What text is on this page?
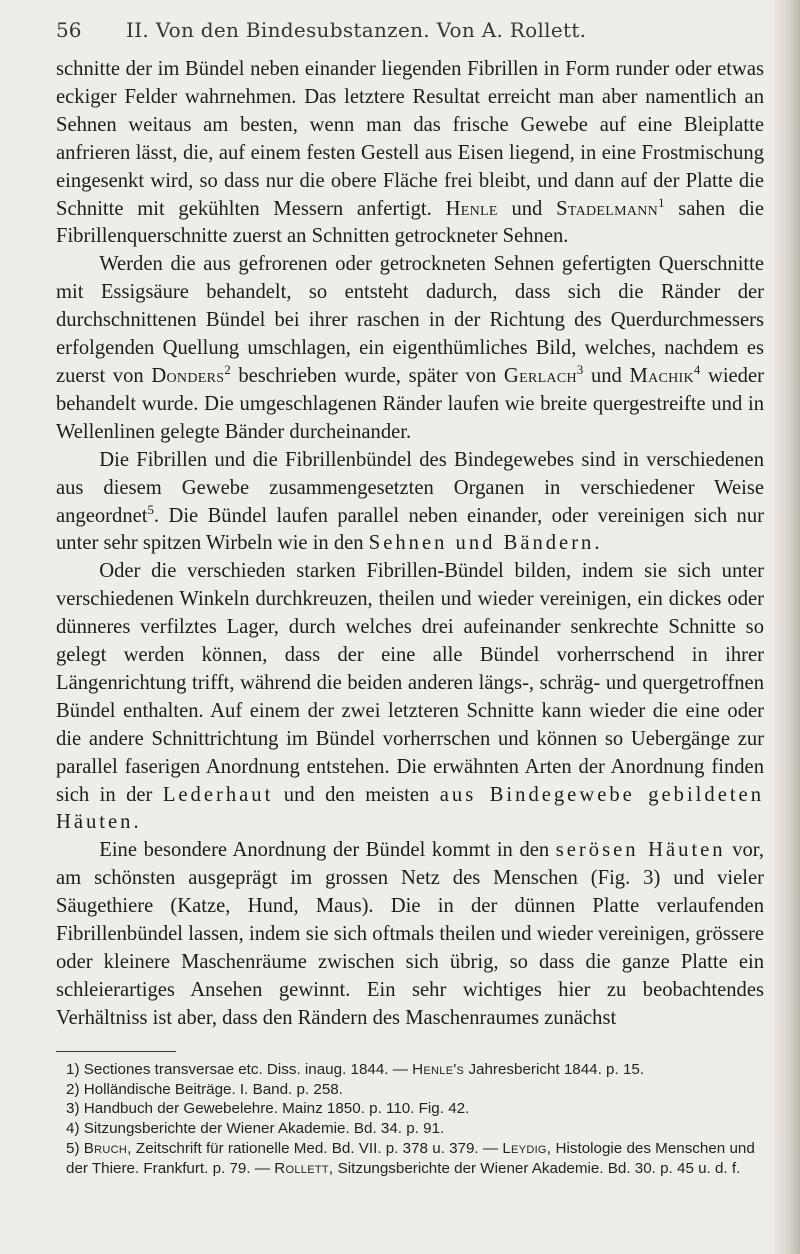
56	II. Von den Bindesubstanzen. Von A. Rollett.

schnitte der im Bündel neben einander liegenden Fibrillen in Form runder oder etwas eckiger Felder wahrnehmen. Das letztere Resultat erreicht man aber namentlich an Sehnen weitaus am besten, wenn man das frische Gewebe auf eine Bleiplatte anfrieren lässt, die, auf einem festen Gestell aus Eisen liegend, in eine Frostmischung eingesenkt wird, so dass nur die obere Fläche frei bleibt, und dann auf der Platte die Schnitte mit gekühlten Messern anfertigt. Henle und Stadelmann$^1$ sahen die Fibrillenquerschnitte zuerst an Schnitten getrockneter Sehnen.

Werden die aus gefrorenen oder getrockneten Sehnen gefertigten Querschnitte mit Essigsäure behandelt, so entsteht dadurch, dass sich die Ränder der durchschnittenen Bündel bei ihrer raschen in der Richtung des Querdurchmessers erfolgenden Quellung umschlagen, ein eigenthümliches Bild, welches, nachdem es zuerst von Donders$^2$ beschrieben wurde, später von Gerlach$^3$ und Machik$^4$ wieder behandelt wurde. Die umgeschlagenen Ränder laufen wie breite quergestreifte und in Wellenlinen gelegte Bänder durcheinander.

Die Fibrillen und die Fibrillenbündel des Bindegewebes sind in verschiedenen aus diesem Gewebe zusammengesetzten Organen in verschiedener Weise angeordnet$^5$. Die Bündel laufen parallel neben einander, oder vereinigen sich nur unter sehr spitzen Wirbeln wie in den Sehnen und Bändern.

Oder die verschieden starken Fibrillen-Bündel bilden, indem sie sich unter verschiedenen Winkeln durchkreuzen, theilen und wieder vereinigen, ein dickes oder dünneres verfilztes Lager, durch welches drei aufeinander senkrechte Schnitte so gelegt werden können, dass der eine alle Bündel vorherrschend in ihrer Längenrichtung trifft, während die beiden anderen längs-, schräg- und quergetroffnen Bündel enthalten. Auf einem der zwei letzteren Schnitte kann wieder die eine oder die andere Schnittrichtung im Bündel vorherrschen und können so Uebergänge zur parallel faserigen Anordnung entstehen. Die erwähnten Arten der Anordnung finden sich in der Lederhaut und den meisten aus Bindegewebe gebildeten Häuten.

Eine besondere Anordnung der Bündel kommt in den serösen Häuten vor, am schönsten ausgeprägt im grossen Netz des Menschen (Fig. 3) und vieler Säugethiere (Katze, Hund, Maus). Die in der dünnen Platte verlaufenden Fibrillenbündel lassen, indem sie sich oftmals theilen und wieder vereinigen, grössere oder kleinere Maschenräume zwischen sich übrig, so dass die ganze Platte ein schleierartiges Ansehen gewinnt. Ein sehr wichtiges hier zu beobachtendes Verhältniss ist aber, dass den Rändern des Maschenraumes zunächst

1) Sectiones transversae etc. Diss. inaug. 1844. — Henle's Jahresbericht 1844. p. 15.

2) Holländische Beiträge. I. Band. p. 258.

3) Handbuch der Gewebelehre. Mainz 1850. p. 110. Fig. 42.

4) Sitzungsberichte der Wiener Akademie. Bd. 34. p. 91.

5) Bruch, Zeitschrift für rationelle Med. Bd. VII. p. 378 u. 379. — Leydig, Histologie des Menschen und der Thiere. Frankfurt. p. 79. — Rollett, Sitzungsberichte der Wiener Akademie. Bd. 30. p. 45 u. d. f.
